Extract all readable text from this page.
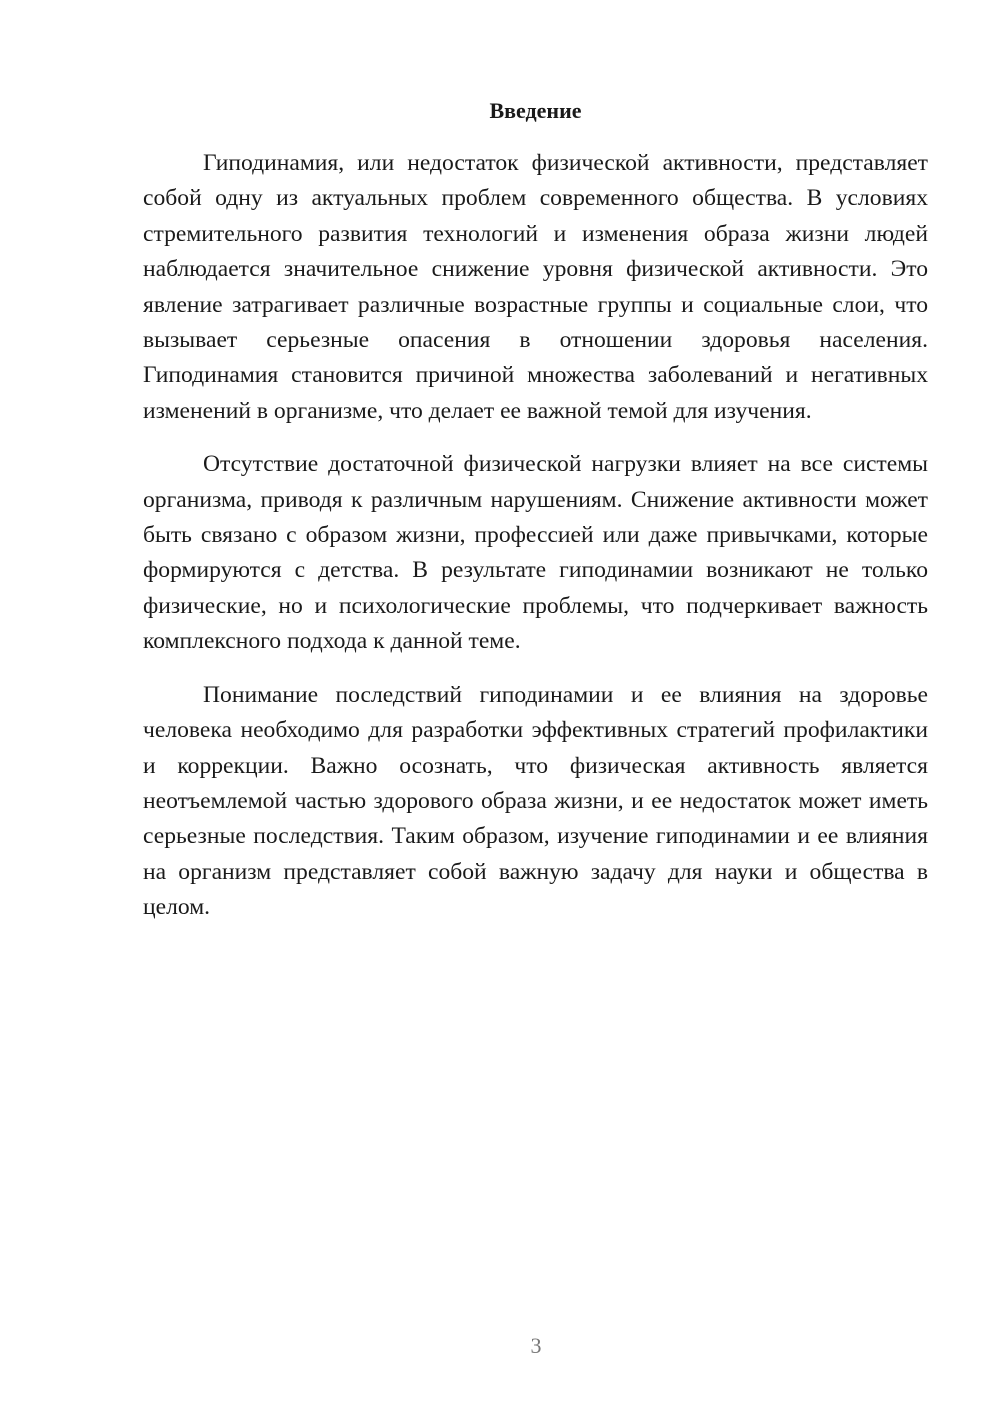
Введение

Гиподинамия, или недостаток физической активности, представляет собой одну из актуальных проблем современного общества. В условиях стремительного развития технологий и изменения образа жизни людей наблюдается значительное снижение уровня физической активности. Это явление затрагивает различные возрастные группы и социальные слои, что вызывает серьезные опасения в отношении здоровья населения. Гиподинамия становится причиной множества заболеваний и негативных изменений в организме, что делает ее важной темой для изучения.

Отсутствие достаточной физической нагрузки влияет на все системы организма, приводя к различным нарушениям. Снижение активности может быть связано с образом жизни, профессией или даже привычками, которые формируются с детства. В результате гиподинамии возникают не только физические, но и психологические проблемы, что подчеркивает важность комплексного подхода к данной теме.

Понимание последствий гиподинамии и ее влияния на здоровье человека необходимо для разработки эффективных стратегий профилактики и коррекции. Важно осознать, что физическая активность является неотъемлемой частью здорового образа жизни, и ее недостаток может иметь серьезные последствия. Таким образом, изучение гиподинамии и ее влияния на организм представляет собой важную задачу для науки и общества в целом.

3
